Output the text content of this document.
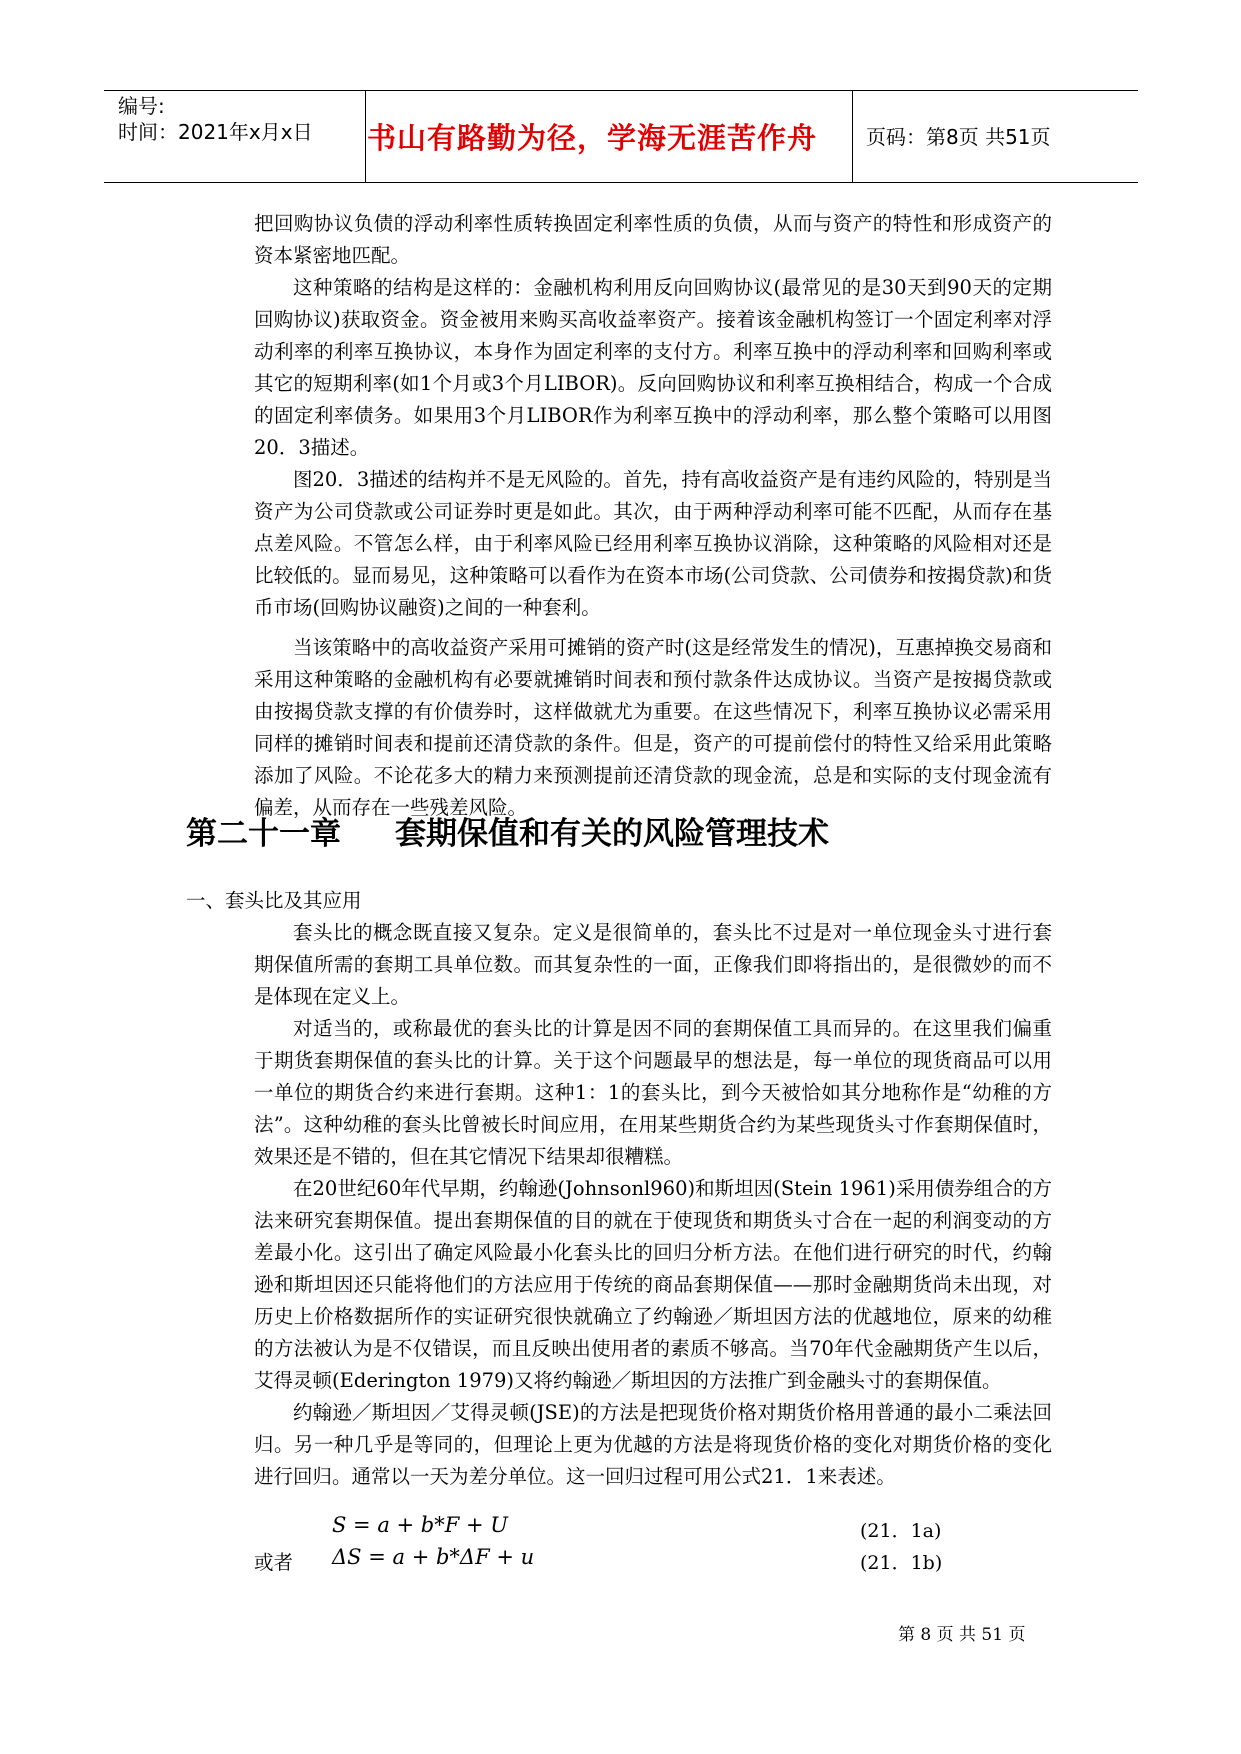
编号:
时间：2021年x月x日 书山有路勤为径，学海无涯苦作舟	页码：第8页 共51页

把回购协议负债的浮动利率性质转换固定利率性质的负债，从而与资产的特性和形成资产的资本紧密地匹配。

这种策略的结构是这样的：金融机构利用反向回购协议(最常见的是30天到90天的定期回购协议)获取资金。资金被用来购买高收益率资产。接着该金融机构签订一个固定利率对浮动利率的利率互换协议，本身作为固定利率的支付方。利率互换中的浮动利率和回购利率或其它的短期利率(如1个月或3个月LIBOR)。反向回购协议和利率互换相结合，构成一个合成的固定利率债务。如果用3个月LIBOR作为利率互换中的浮动利率，那么整个策略可以用图20．3描述。

图20．3描述的结构并不是无风险的。首先，持有高收益资产是有违约风险的，特别是当资产为公司贷款或公司证券时更是如此。其次，由于两种浮动利率可能不匹配，从而存在基点差风险。不管怎么样，由于利率风险已经用利率互换协议消除，这种策略的风险相对还是比较低的。显而易见，这种策略可以看作为在资本市场(公司贷款、公司债券和按揭贷款)和货币市场(回购协议融资)之间的一种套利。

当该策略中的高收益资产采用可摊销的资产时(这是经常发生的情况)，互惠掉换交易商和采用这种策略的金融机构有必要就摊销时间表和预付款条件达成协议。当资产是按揭贷款或由按揭贷款支撑的有价债券时，这样做就尤为重要。在这些情况下，利率互换协议必需采用同样的摊销时间表和提前还清贷款的条件。但是，资产的可提前偿付的特性又给采用此策略添加了风险。不论花多大的精力来预测提前还清贷款的现金流，总是和实际的支付现金流有偏差，从而存在一些残差风险。

第二十一章 套期保值和有关的风险管理技术
一、套头比及其应用

套头比的概念既直接又复杂。定义是很简单的，套头比不过是对一单位现金头寸进行套期保值所需的套期工具单位数。而其复杂性的一面，正像我们即将指出的，是很微妙的而不是体现在定义上。

对适当的，或称最优的套头比的计算是因不同的套期保值工具而异的。在这里我们偏重于期货套期保值的套头比的计算。关于这个问题最早的想法是，每一单位的现货商品可以用一单位的期货合约来进行套期。这种1：1的套头比，到今天被恰如其分地称作是“幼稚的方法”。这种幼稚的套头比曾被长时间应用，在用某些期货合约为某些现货头寸作套期保值时，效果还是不错的，但在其它情况下结果却很糟糕。

在20世纪60年代早期，约翰逊(Johnsonl960)和斯坦因(Stein 1961)采用债券组合的方法来研究套期保值。提出套期保值的目的就在于使现货和期货头寸合在一起的利润变动的方差最小化。这引出了确定风险最小化套头比的回归分析方法。在他们进行研究的时代，约翰逊和斯坦因还只能将他们的方法应用于传统的商品套期保值——那时金融期货尚未出现，对历史上价格数据所作的实证研究很快就确立了约翰逊／斯坦因方法的优越地位，原来的幼稚的方法被认为是不仅错误，而且反映出使用者的素质不够高。当70年代金融期货产生以后，艾得灵顿(Ederington 1979)又将约翰逊／斯坦因的方法推广到金融头寸的套期保值。

约翰逊／斯坦因／艾得灵顿(JSE)的方法是把现货价格对期货价格用普通的最小二乘法回归。另一种几乎是等同的，但理论上更为优越的方法是将现货价格的变化对期货价格的变化进行回归。通常以一天为差分单位。这一回归过程可用公式21．1来表述。

S = a + b*F + U	(21．1a)
或者 ΔS = a + b*ΔF + u	(21．1b)
第 8 页 共 51 页
